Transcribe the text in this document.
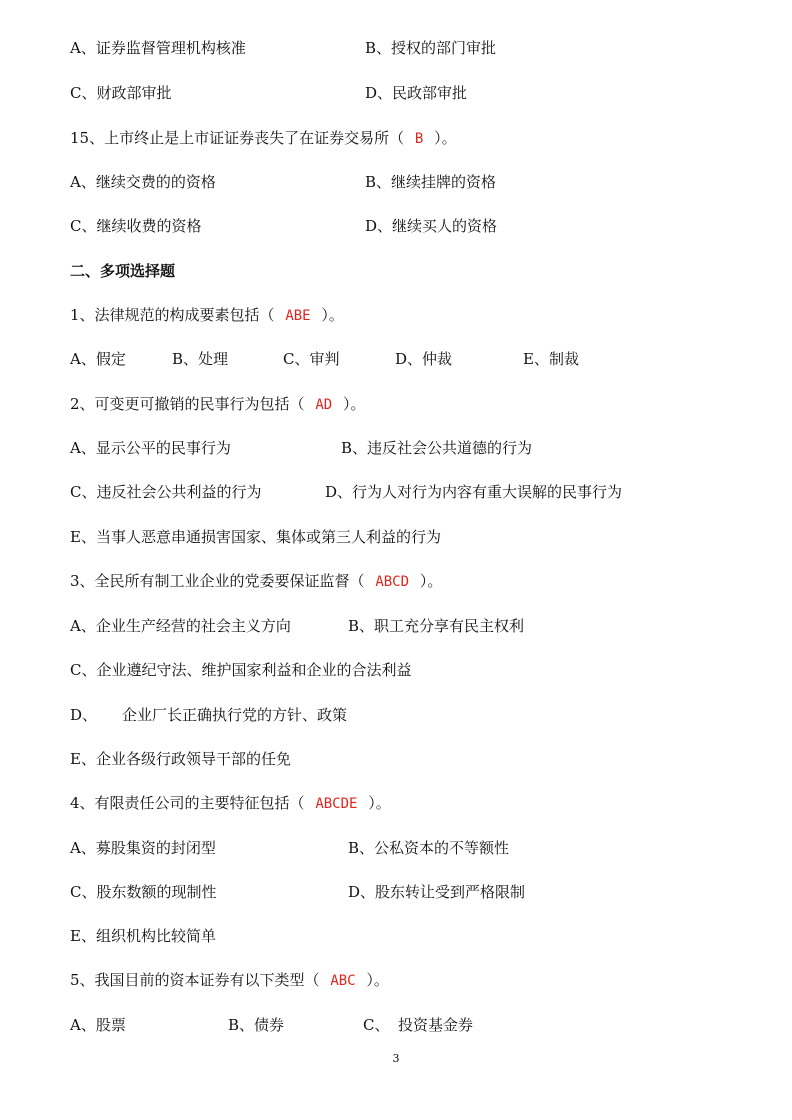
A、证券监督管理机构核准	B、授权的部门审批
C、财政部审批	D、民政部审批
15、上市终止是上市证证券丧失了在证券交易所（ B ）。
A、继续交费的的资格	B、继续挂牌的资格
C、继续收费的资格	D、继续买人的资格
二、多项选择题
1、法律规范的构成要素包括（ ABE ）。
A、假定	B、处理	C、审判	D、仲裁	E、制裁
2、可变更可撤销的民事行为包括（ AD ）。
A、显示公平的民事行为	B、违反社会公共道德的行为
C、违反社会公共利益的行为	D、行为人对行为内容有重大误解的民事行为
E、当事人恶意串通损害国家、集体或第三人利益的行为
3、全民所有制工业企业的党委要保证监督（ ABCD ）。
A、企业生产经营的社会主义方向	B、职工充分享有民主权利
C、企业遵纪守法、维护国家利益和企业的合法利益
D、 企业厂长正确执行党的方针、政策
E、企业各级行政领导干部的任免
4、有限责任公司的主要特征包括（ ABCDE ）。
A、募股集资的封闭型	B、公私资本的不等额性
C、股东数额的现制性	D、股东转让受到严格限制
E、组织机构比较简单
5、我国目前的资本证券有以下类型（ ABC ）。
A、股票	B、债券	C、 投资基金券
3
